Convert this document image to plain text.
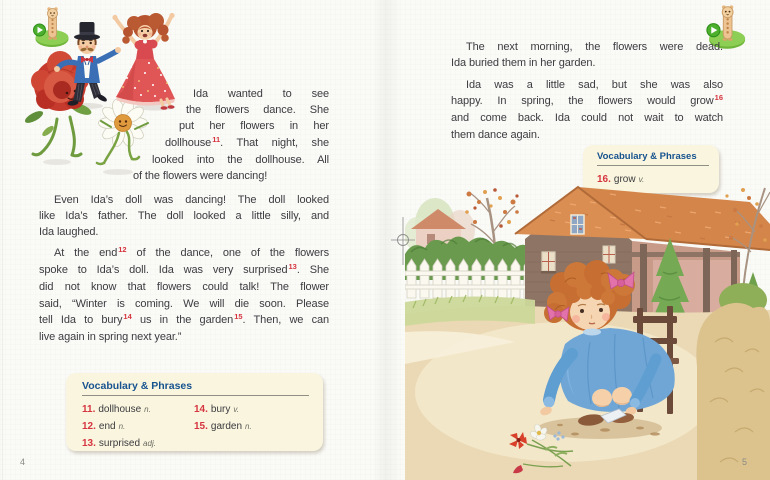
Ida wanted to see
the flowers dance. She
put her flowers in her
dollhouse$^{11}$. That night, she
looked into the dollhouse. All
of the flowers were dancing!
Even Ida’s doll was dancing! The doll looked
like Ida’s father. The doll looked a little silly, and
Ida laughed.
At the end$^{12}$ of the dance, one of the flowers
spoke to Ida’s doll. Ida was very surprised$^{13}$. She
did not know that flowers could talk! The flower
said, “Winter is coming. We will die soon. Please
tell Ida to bury$^{14}$ us in the garden$^{15}$. Then, we can
live again in spring next year.”
Vocabulary & Phrases
11. dollhouse n.
12. end n.
13. surprised adj.
14. bury v.
15. garden n.
4
The next morning, the flowers were dead.
Ida buried them in her garden.
Ida was a little sad, but she was also
happy. In spring, the flowers would grow$^{16}$
and come back. Ida could not wait to watch
them dance again.
Vocabulary & Phrases
16. grow v.
5
